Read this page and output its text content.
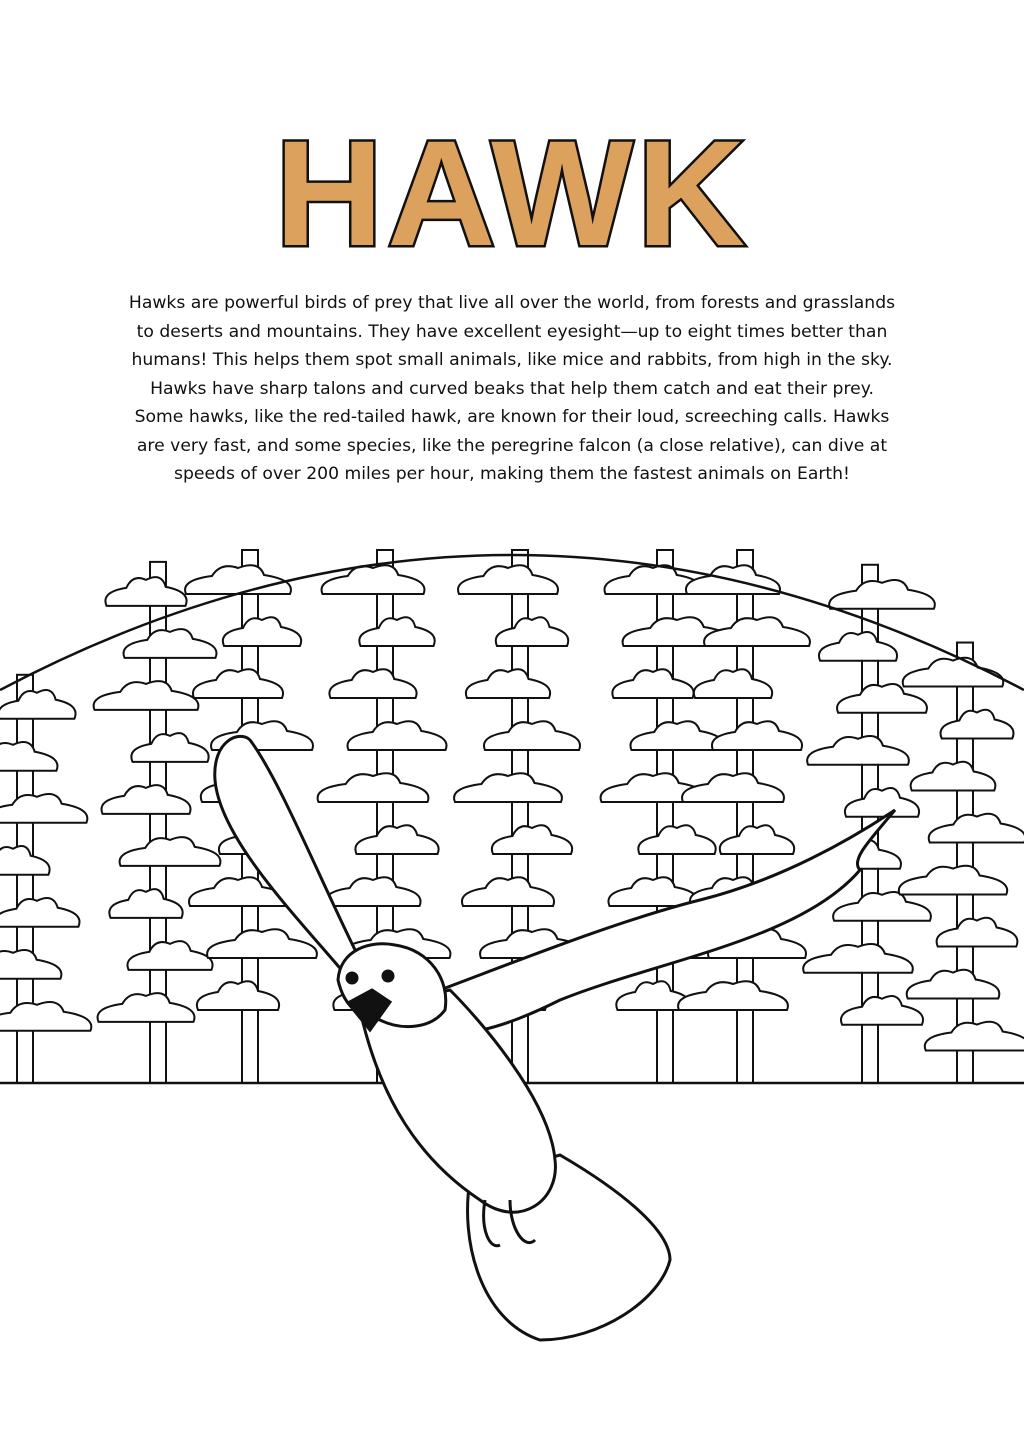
HAWK
Hawks are powerful birds of prey that live all over the world, from forests and grasslands
to deserts and mountains. They have excellent eyesight—up to eight times better than
humans! This helps them spot small animals, like mice and rabbits, from high in the sky.
Hawks have sharp talons and curved beaks that help them catch and eat their prey.
Some hawks, like the red-tailed hawk, are known for their loud, screeching calls. Hawks
are very fast, and some species, like the peregrine falcon (a close relative), can dive at
speeds of over 200 miles per hour, making them the fastest animals on Earth!
